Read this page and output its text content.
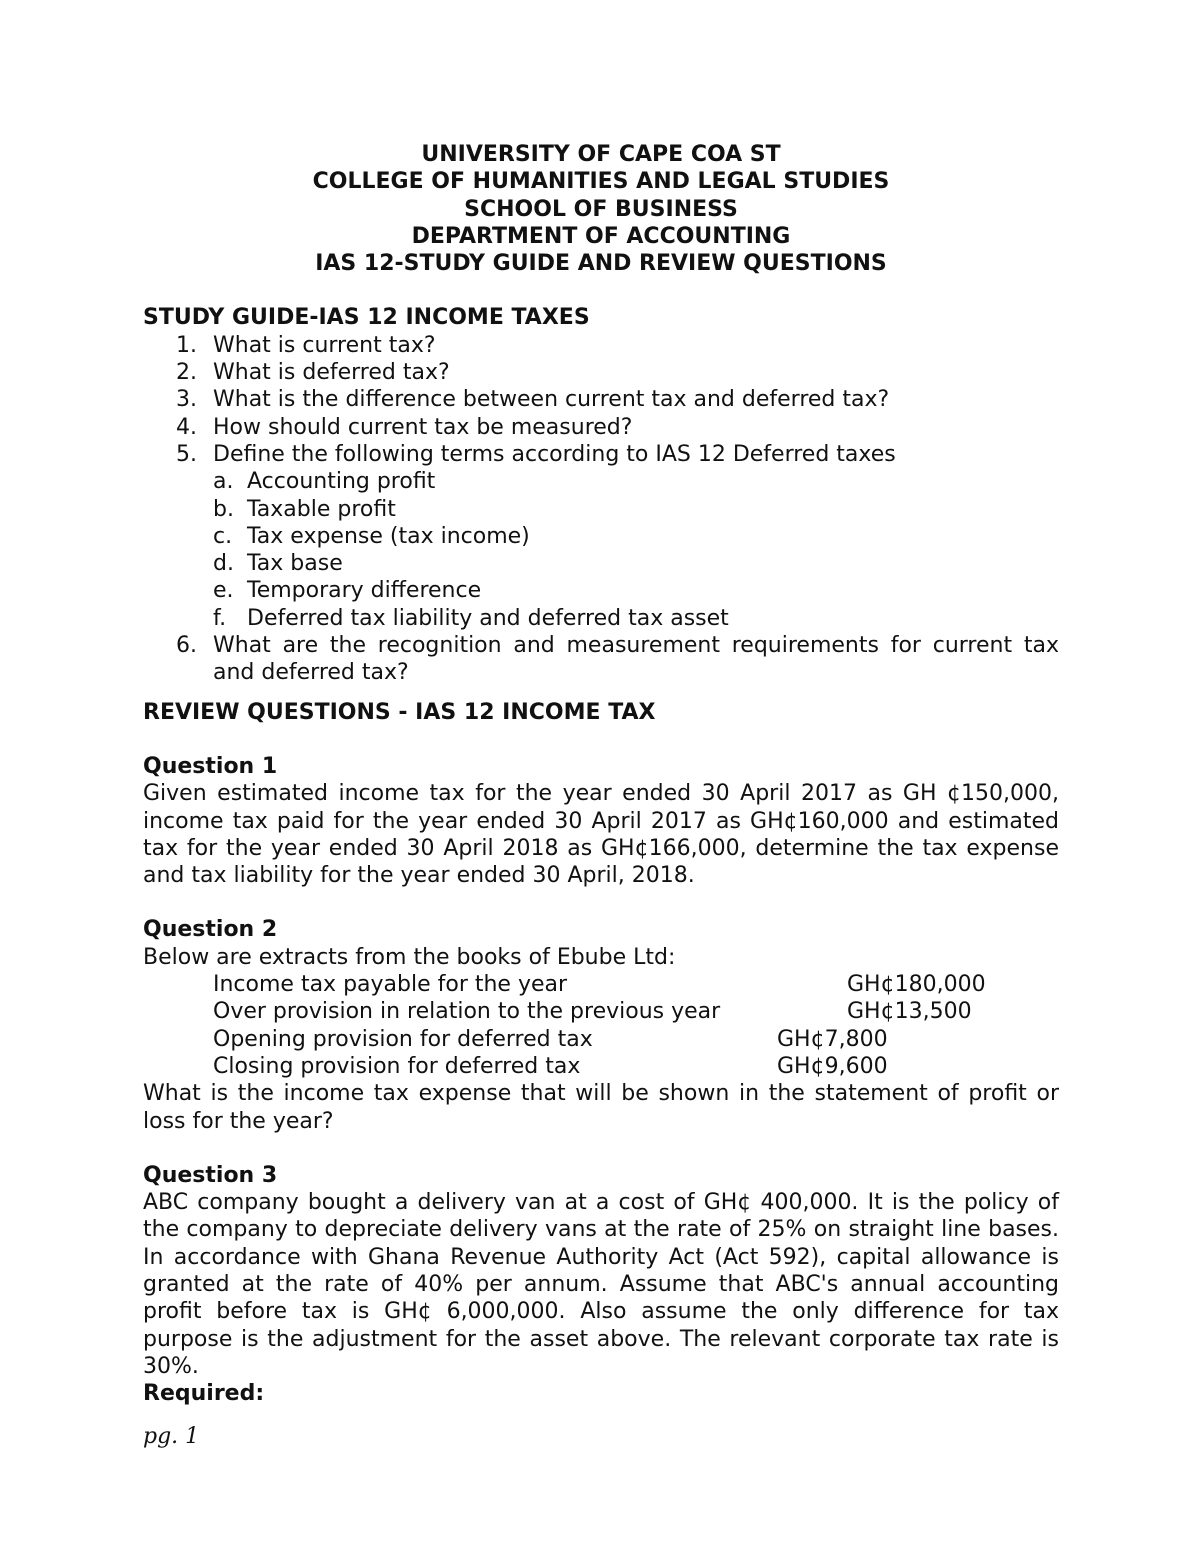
UNIVERSITY OF CAPE COA ST
COLLEGE OF HUMANITIES AND LEGAL STUDIES
SCHOOL OF BUSINESS
DEPARTMENT OF ACCOUNTING
IAS 12-STUDY GUIDE AND REVIEW QUESTIONS
STUDY GUIDE-IAS 12 INCOME TAXES
1. What is current tax?
2. What is deferred tax?
3. What is the difference between current tax and deferred tax?
4. How should current tax be measured?
5. Define the following terms according to IAS 12 Deferred taxes
a. Accounting profit
b. Taxable profit
c. Tax expense (tax income)
d. Tax base
e. Temporary difference
f. Deferred tax liability and deferred tax asset
6. What are the recognition and measurement requirements for current tax and deferred tax?
REVIEW QUESTIONS - IAS 12 INCOME TAX
Question 1
Given estimated income tax for the year ended 30 April 2017 as GH ¢150,000, income tax paid for the year ended 30 April 2017 as GH¢160,000 and estimated tax for the year ended 30 April 2018 as GH¢166,000, determine the tax expense and tax liability for the year ended 30 April, 2018.
Question 2
Below are extracts from the books of Ebube Ltd:
Income tax payable for the year	GH¢180,000
Over provision in relation to the previous year	GH¢13,500
Opening provision for deferred tax	GH¢7,800
Closing provision for deferred tax	GH¢9,600
What is the income tax expense that will be shown in the statement of profit or loss for the year?
Question 3
ABC company bought a delivery van at a cost of GH¢ 400,000. It is the policy of the company to depreciate delivery vans at the rate of 25% on straight line bases. In accordance with Ghana Revenue Authority Act (Act 592), capital allowance is granted at the rate of 40% per annum. Assume that ABC's annual accounting profit before tax is GH¢ 6,000,000. Also assume the only difference for tax purpose is the adjustment for the asset above. The relevant corporate tax rate is 30%.
Required:
pg. 1
